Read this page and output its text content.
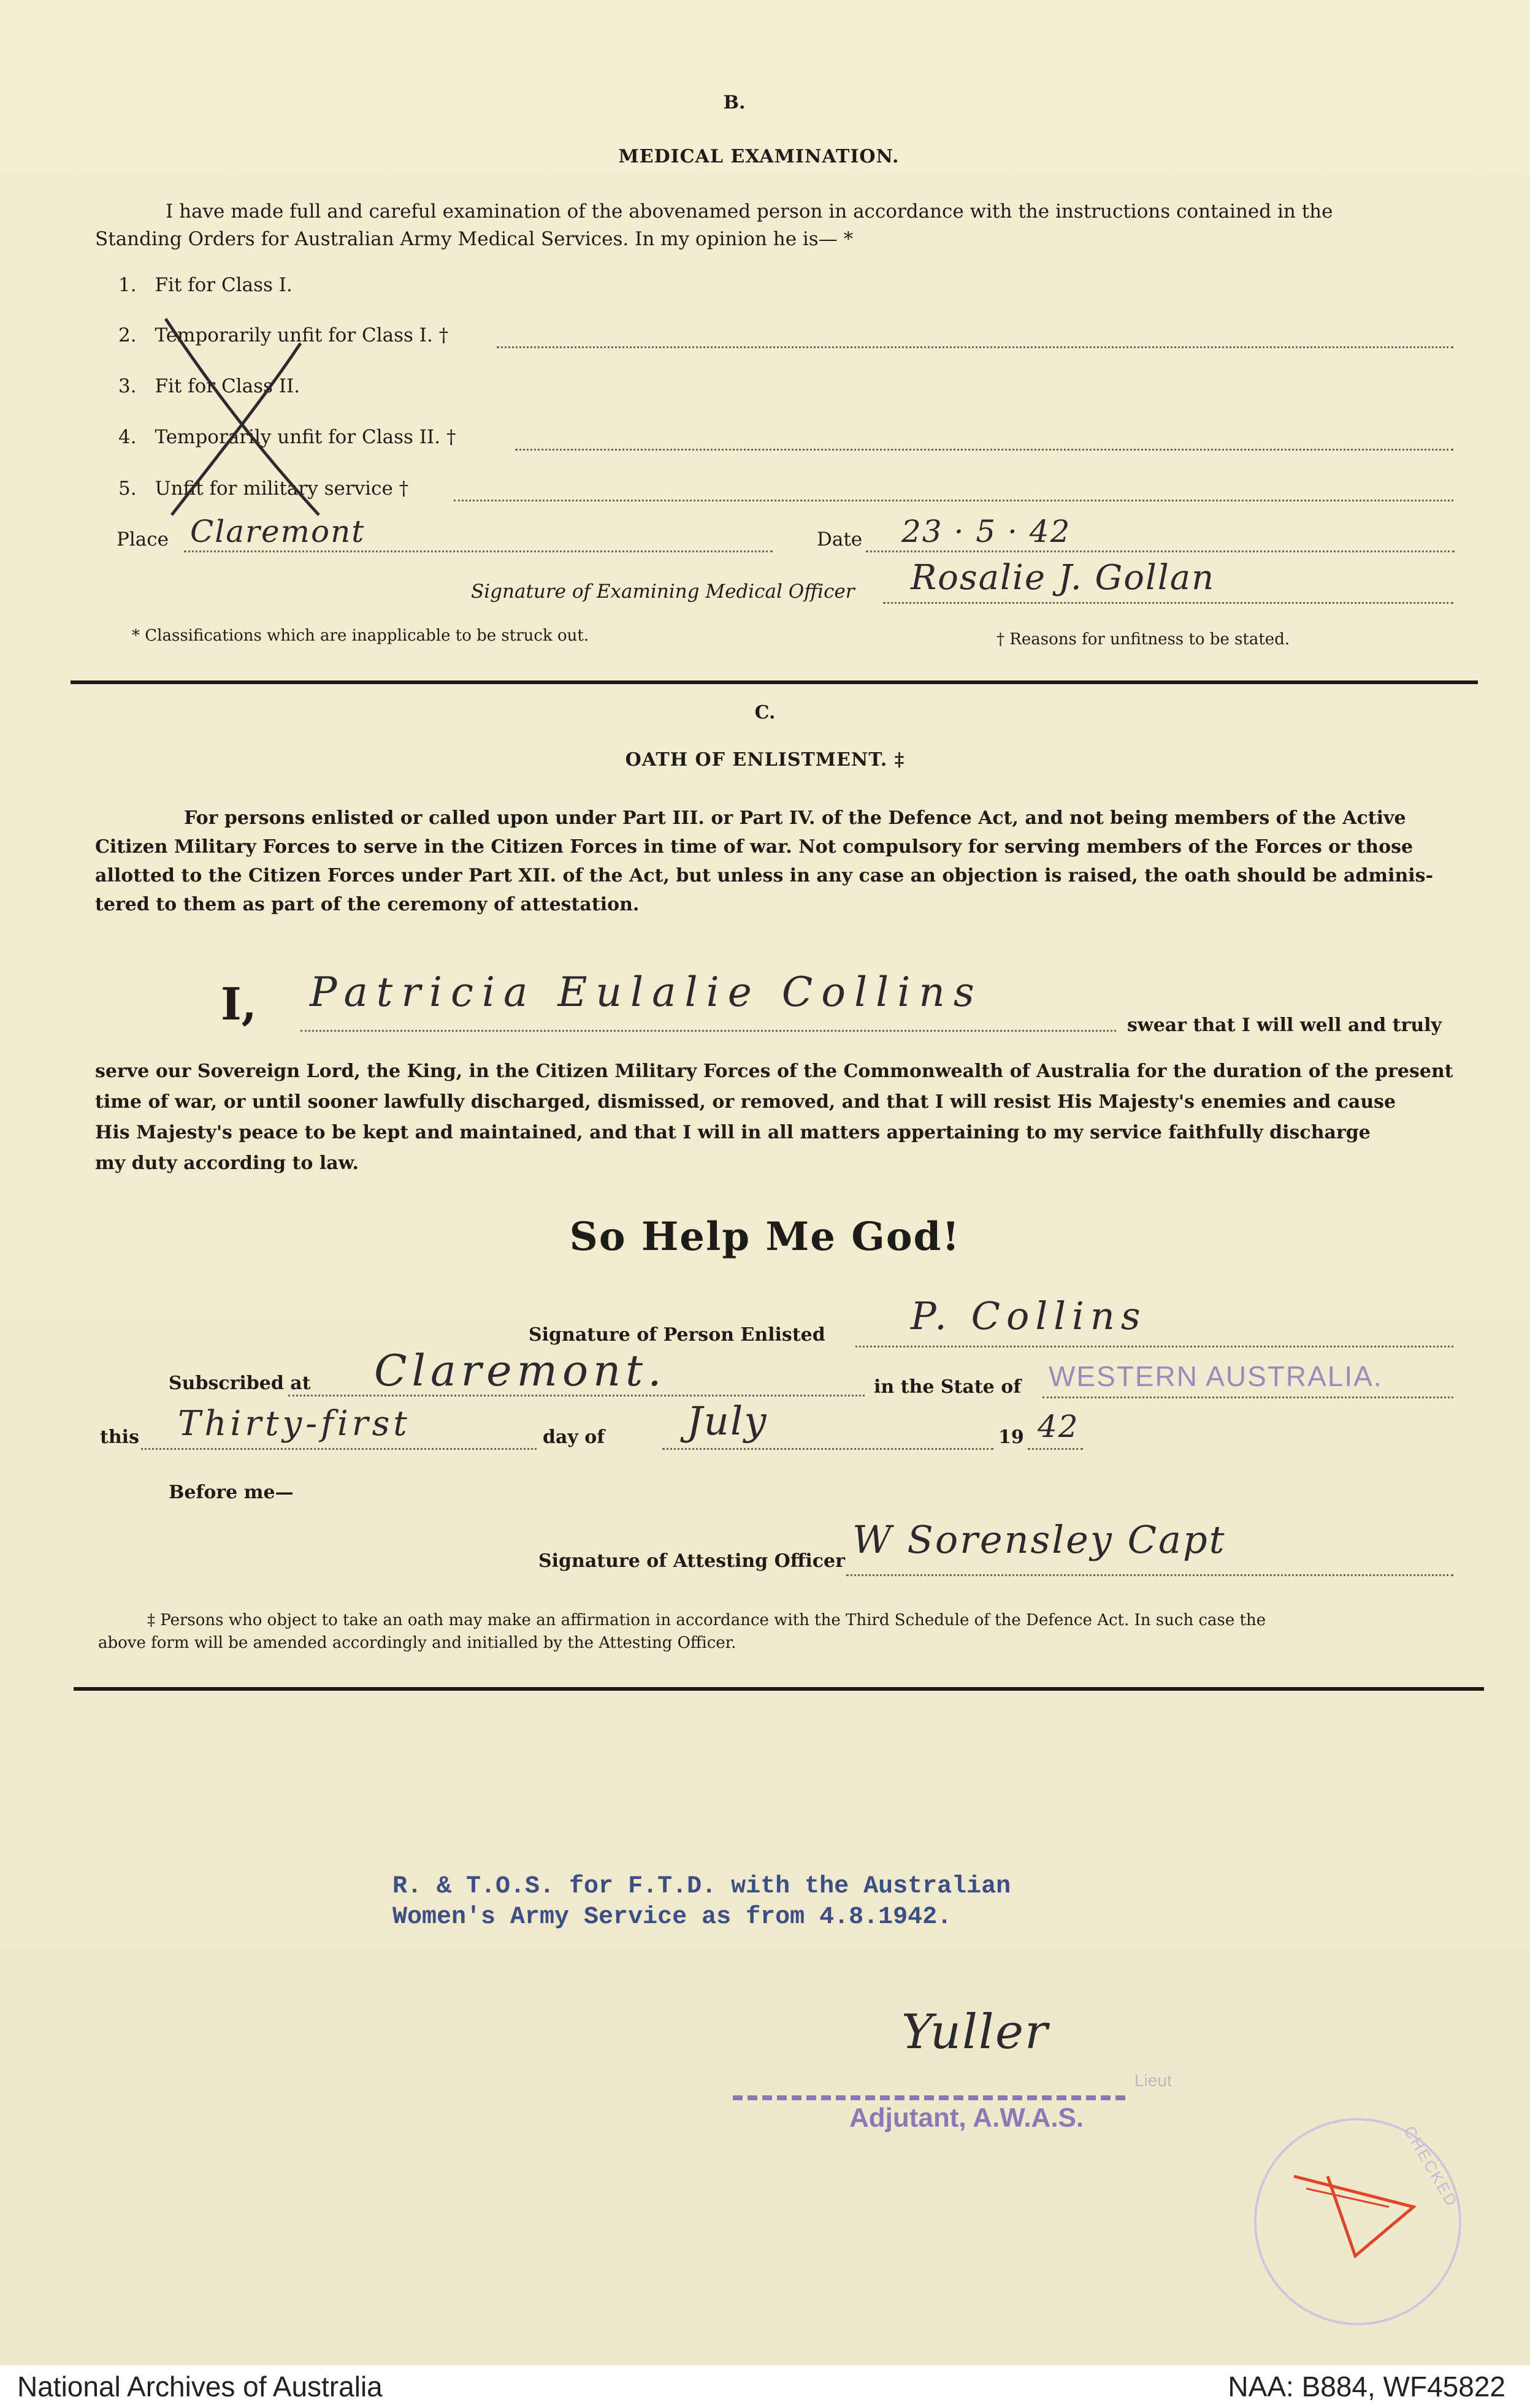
B.
MEDICAL EXAMINATION.
I have made full and careful examination of the abovenamed person in accordance with the instructions contained in the
Standing Orders for Australian Army Medical Services. In my opinion he is— *
1. Fit for Class I.
2. Temporarily unfit for Class I. †
3. Fit for Class II.
4. Temporarily unfit for Class II. †
5. Unfit for military service †
Place Claremont	Date 23 · 5 · 42
Signature of Examining Medical Officer Rosalie J. Gollan
* Classifications which are inapplicable to be struck out.	† Reasons for unfitness to be stated.
C.
OATH OF ENLISTMENT. ‡
For persons enlisted or called upon under Part III. or Part IV. of the Defence Act, and not being members of the Active
Citizen Military Forces to serve in the Citizen Forces in time of war. Not compulsory for serving members of the Forces or those
allotted to the Citizen Forces under Part XII. of the Act, but unless in any case an objection is raised, the oath should be adminis-
tered to them as part of the ceremony of attestation.
I, Patricia Eulalie Collins
swear that I will well and truly
serve our Sovereign Lord, the King, in the Citizen Military Forces of the Commonwealth of Australia for the duration of the present
time of war, or until sooner lawfully discharged, dismissed, or removed, and that I will resist His Majesty's enemies and cause
His Majesty's peace to be kept and maintained, and that I will in all matters appertaining to my service faithfully discharge
my duty according to law.
So Help Me God!
Signature of Person Enlisted P. Collins
Subscribed at Claremont.	in the State of WESTERN AUSTRALIA.
this Thirty-first	day of July	19 42
Before me—
Signature of Attesting Officer W Sorensley Capt
‡ Persons who object to take an oath may make an affirmation in accordance with the Third Schedule of the Defence Act. In such case the
above form will be amended accordingly and initialled by the Attesting Officer.
R. & T.O.S. for F.T.D. with the Australian
Women's Army Service as from 4.8.1942.
Yuller
Lieut
Adjutant, A.W.A.S.
CHECKED
National Archives of Australia	NAA: B884, WF45822
